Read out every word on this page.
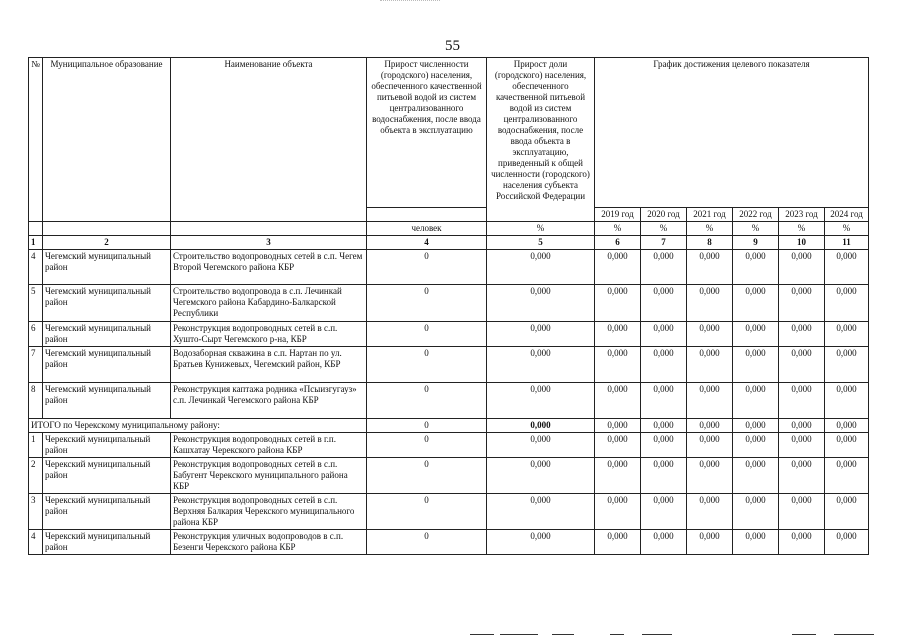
55
№	Муниципальное образование	Наименование объекта	Прирост численности (городского) населения, обеспеченного качественной питьевой водой из систем централизованного водоснабжения, после ввода объекта в эксплуатацию	Прирост доли (городского) населения, обеспеченного качественной питьевой водой из систем централизованного водоснабжения, после ввода объекта в эксплуатацию, приведенный к общей численности (городского) населения субъекта Российской Федерации	График достижения целевого показателя					
					2019 год	2020 год	2021 год	2022 год	2023 год	2024 год
			человек	%	%	%	%	%	%	%
1	2	3	4	5	6	7	8	9	10	11
4	Чегемский муниципальный район	Строительство водопроводных сетей в с.п. Чегем Второй Чегемского района КБР	0	0,000	0,000	0,000	0,000	0,000	0,000	0,000
5	Чегемский муниципальный район	Строительство водопровода в с.п. Лечинкай Чегемского района Кабардино-Балкарской Республики	0	0,000	0,000	0,000	0,000	0,000	0,000	0,000
6	Чегемский муниципальный район	Реконструкция водопроводных сетей в с.п. Хушто-Сырт Чегемского р-на, КБР	0	0,000	0,000	0,000	0,000	0,000	0,000	0,000
7	Чегемский муниципальный район	Водозаборная скважина в с.п. Нартан по ул. Братьев Кунижевых, Чегемский район, КБР	0	0,000	0,000	0,000	0,000	0,000	0,000	0,000
8	Чегемский муниципальный район	Реконструкция каптажа родника «Псыизгугауз» с.п. Лечинкай Чегемского района КБР	0	0,000	0,000	0,000	0,000	0,000	0,000	0,000
ИТОГО по Черекскому муниципальному району:			0	0,000	0,000	0,000	0,000	0,000	0,000	0,000
1	Черекский муниципальный район	Реконструкция водопроводных сетей в г.п. Кашхатау Черекского района КБР	0	0,000	0,000	0,000	0,000	0,000	0,000	0,000
2	Черекский муниципальный район	Реконструкция водопроводных сетей в с.п. Бабугент Черекского муниципального района КБР	0	0,000	0,000	0,000	0,000	0,000	0,000	0,000
3	Черекский муниципальный район	Реконструкция водопроводных сетей в с.п. Верхняя Балкария Черекского муниципального района КБР	0	0,000	0,000	0,000	0,000	0,000	0,000	0,000
4	Черекский муниципальный район	Реконструкция уличных водопроводов в с.п. Безенги Черекского района КБР	0	0,000	0,000	0,000	0,000	0,000	0,000	0,000
